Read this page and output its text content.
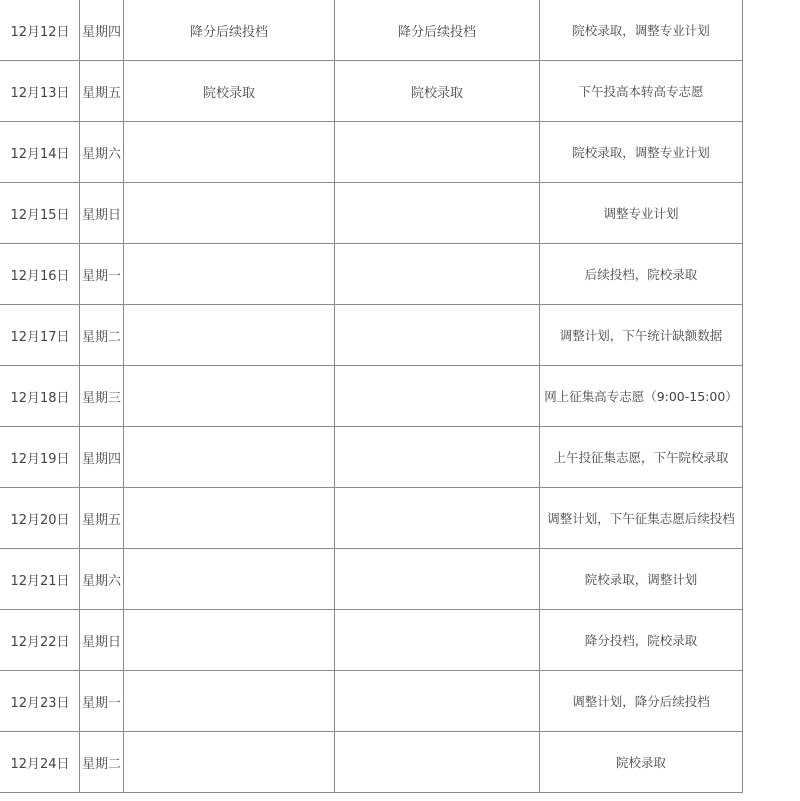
12月12日	星期四	降分后续投档	降分后续投档	院校录取，调整专业计划
12月13日	星期五	院校录取	院校录取	下午投高本转高专志愿
12月14日	星期六			院校录取，调整专业计划
12月15日	星期日			调整专业计划
12月16日	星期一			后续投档，院校录取
12月17日	星期二			调整计划，下午统计缺额数据
12月18日	星期三			网上征集高专志愿（9:00-15:00）
12月19日	星期四			上午投征集志愿，下午院校录取
12月20日	星期五			调整计划，下午征集志愿后续投档
12月21日	星期六			院校录取，调整计划
12月22日	星期日			降分投档，院校录取
12月23日	星期一			调整计划，降分后续投档
12月24日	星期二			院校录取
